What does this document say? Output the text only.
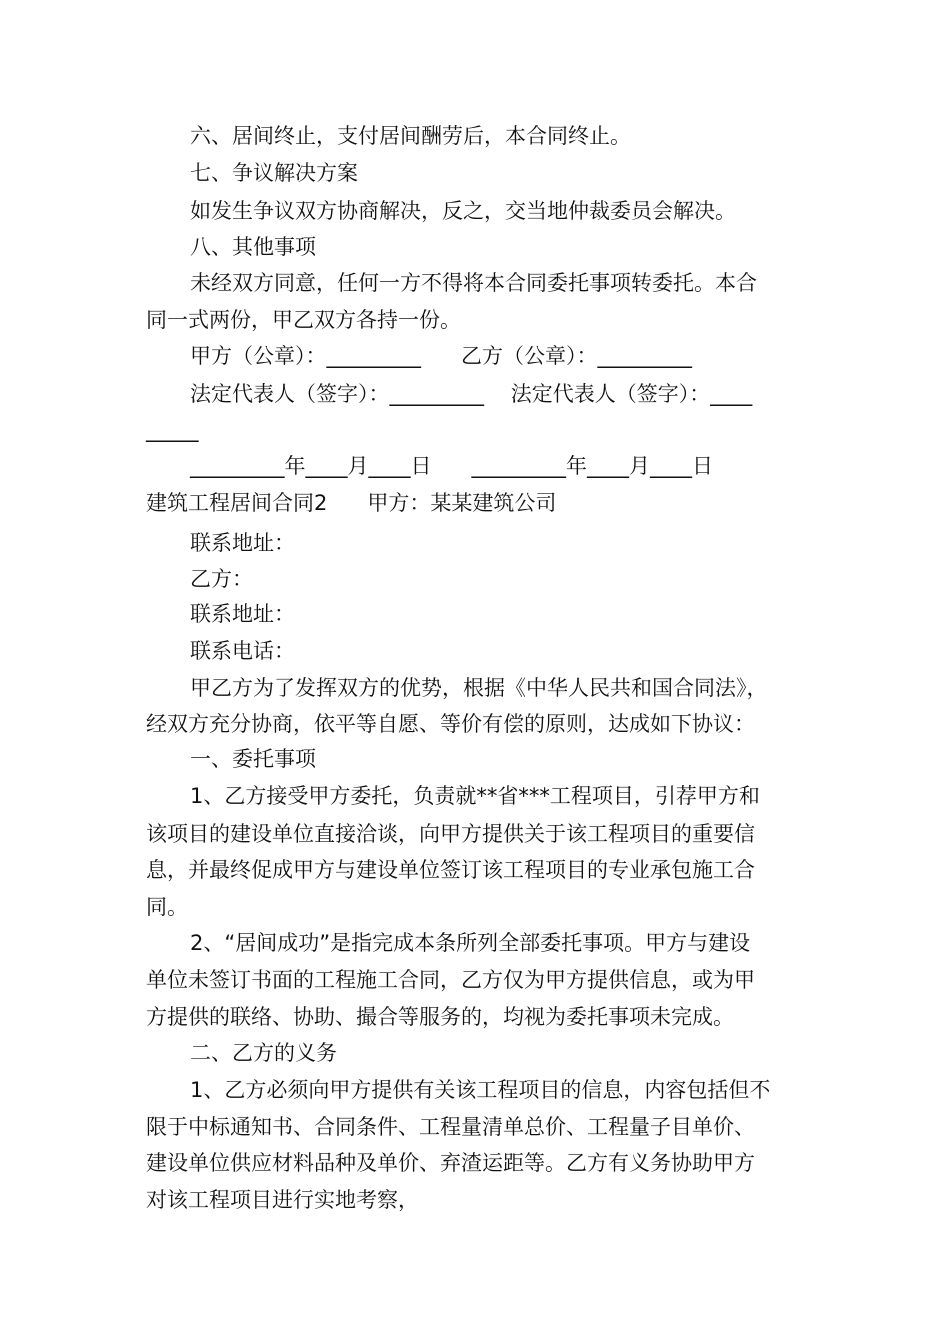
六、居间终止，支付居间酬劳后，本合同终止。

七、争议解决方案

如发生争议双方协商解决，反之，交当地仲裁委员会解决。

八、其他事项

未经双方同意，任何一方不得将本合同委托事项转委托。本合

同一式两份，甲乙双方各持一份。

甲方（公章）：_________      乙方（公章）：_________

法定代表人（签字）：_________    法定代表人（签字）：____

_____

_________年____月____日      _________年____月____日

建筑工程居间合同2      甲方：某某建筑公司

联系地址：

乙方：

联系地址：

联系电话：

甲乙方为了发挥双方的优势，根据《中华人民共和国合同法》，

经双方充分协商，依平等自愿、等价有偿的原则，达成如下协议：

一、委托事项

1、乙方接受甲方委托，负责就**省***工程项目，引荐甲方和

该项目的建设单位直接洽谈，向甲方提供关于该工程项目的重要信

息，并最终促成甲方与建设单位签订该工程项目的专业承包施工合

同。

2、“居间成功”是指完成本条所列全部委托事项。甲方与建设

单位未签订书面的工程施工合同，乙方仅为甲方提供信息，或为甲

方提供的联络、协助、撮合等服务的，均视为委托事项未完成。

二、乙方的义务

1、乙方必须向甲方提供有关该工程项目的信息，内容包括但不

限于中标通知书、合同条件、工程量清单总价、工程量子目单价、

建设单位供应材料品种及单价、弃渣运距等。乙方有义务协助甲方

对该工程项目进行实地考察，
